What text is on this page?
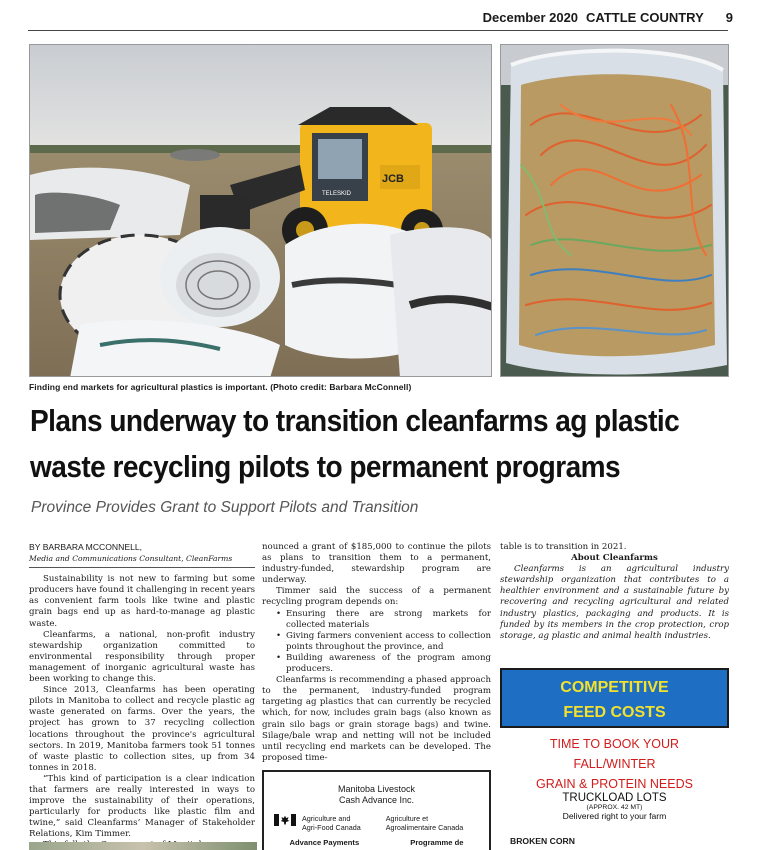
December 2020 CATTLE COUNTRY 9
JCB
TELESKID
Finding end markets for agricultural plastics is important. (Photo credit: Barbara McConnell)
Plans underway to transition cleanfarms ag plastic waste recycling pilots to permanent programs
Province Provides Grant to Support Pilots and Transition

BY BARBARA MCCONNELL,

Media and Communications Consultant, CleanFarms

Sustainability is not new to farming but some producers have found it challenging in recent years as convenient farm tools like twine and plastic grain bags end up as hard-to-manage ag plastic waste.

Cleanfarms, a national, non-profit industry stewardship organization committed to environmental responsibility through proper management of inorganic agricultural waste has been working to change this.

Since 2013, Cleanfarms has been operating pilots in Manitoba to collect and recycle plastic ag waste generated on farms. Over the years, the project has grown to 37 recycling collection locations throughout the province's agricultural sectors. In 2019, Manitoba farmers took 51 tonnes of waste plastic to collection sites, up from 34 tonnes in 2018.

“This kind of participation is a clear indication that farmers are really interested in ways to improve the sustainability of their operations, particularly for products like plastic film and twine,” said Cleanfarms’ Manager of Stakeholder Relations, Kim Timmer.

nounced a grant of $185,000 to continue the pilots as plans to transition them to a permanent, industry-funded, stewardship program are underway.

Timmer said the success of a permanent recycling program depends on:

• Ensuring there are strong markets for collected materials
• Giving farmers convenient access to collection points throughout the province, and
• Building awareness of the program among producers.

Cleanfarms is recommending a phased approach to the permanent, industry-funded program targeting ag plastics that can currently be recycled which, for now, includes grain bags (also known as grain silo bags or grain storage bags) and twine. Silage/bale wrap and netting will not be included until recycling end markets can be developed. The proposed time-

table is to transition in 2021.

About Cleanfarms

Cleanfarms is an agricultural industry stewardship organization that contributes to a healthier environment and a sustainable future by recovering and recycling agricultural and related industry plastics, packaging and products. It is funded by its members in the crop protection, crop storage, ag plastic and animal health industries.

Manitoba Livestock
Cash Advance Inc.
Agriculture and
Agri-Food Canada
Agriculture et
Agroalimentaire Canada
Advance Payments	Programme de
COMPETITIVE
FEED COSTS
TIME TO BOOK YOUR
FALL/WINTER
GRAIN & PROTEIN NEEDS
TRUCKLOAD LOTS
(APPROX. 42 MT)
Delivered right to your farm
BROKEN CORN
